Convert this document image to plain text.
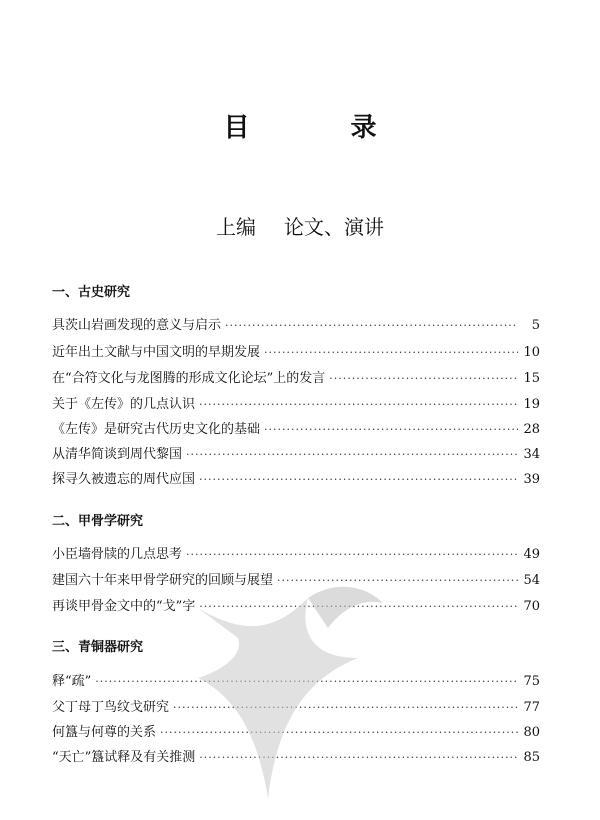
目 录
上编 论文、演讲
一、古史研究
具茨山岩画发现的意义与启示 ·····	5
近年出土文献与中国文明的早期发展 ·····	10
在“合符文化与龙图腾的形成文化论坛”上的发言 ·····	15
关于《左传》的几点认识 ·····	19
《左传》是研究古代历史文化的基础 ·····	28
从清华简谈到周代黎国 ·····	34
探寻久被遗忘的周代应国 ·····	39
二、甲骨学研究
小臣墙骨牍的几点思考 ·····	49
建国六十年来甲骨学研究的回顾与展望 ·····	54
再谈甲骨金文中的“戈”字 ·····	70
三、青铜器研究
释“疏” ·····	75
父丁母丁鸟纹戈研究 ·····	77
何簋与何尊的关系 ·····	80
“天亡”簋试释及有关推测 ·····	85
